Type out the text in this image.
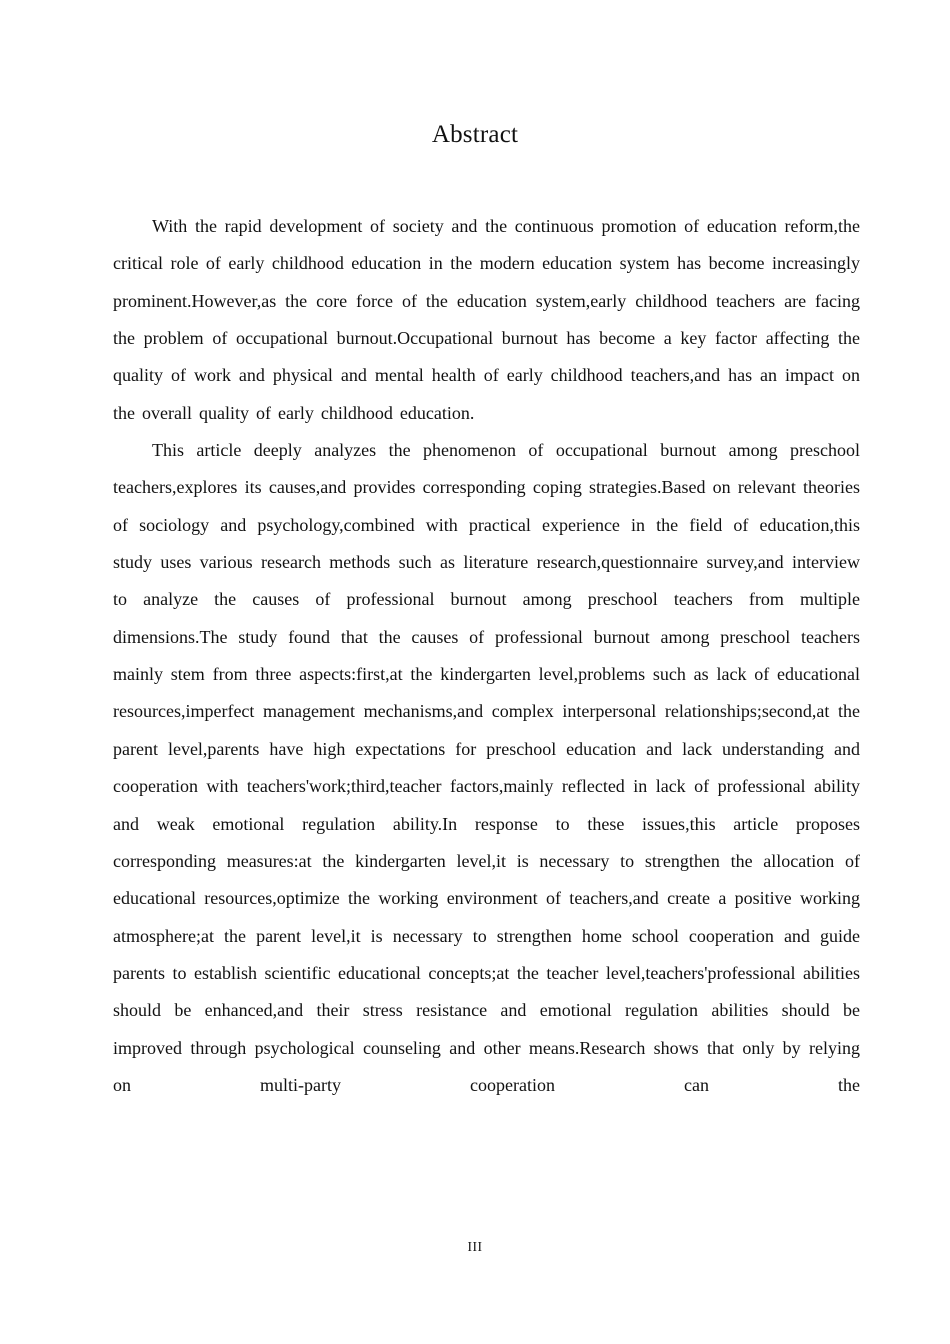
Abstract

With the rapid development of society and the continuous promotion of education reform,the critical role of early childhood education in the modern education system has become increasingly prominent.However,as the core force of the education system,early childhood teachers are facing the problem of occupational burnout.Occupational burnout has become a key factor affecting the quality of work and physical and mental health of early childhood teachers,and has an impact on the overall quality of early childhood education.

This article deeply analyzes the phenomenon of occupational burnout among preschool teachers,explores its causes,and provides corresponding coping strategies.Based on relevant theories of sociology and psychology,combined with practical experience in the field of education,this study uses various research methods such as literature research,questionnaire survey,and interview to analyze the causes of professional burnout among preschool teachers from multiple dimensions.The study found that the causes of professional burnout among preschool teachers mainly stem from three aspects:first,at the kindergarten level,problems such as lack of educational resources,imperfect management mechanisms,and complex interpersonal relationships;second,at the parent level,parents have high expectations for preschool education and lack understanding and cooperation with teachers'work;third,teacher factors,mainly reflected in lack of professional ability and weak emotional regulation ability.In response to these issues,this article proposes corresponding measures:at the kindergarten level,it is necessary to strengthen the allocation of educational resources,optimize the working environment of teachers,and create a positive working atmosphere;at the parent level,it is necessary to strengthen home school cooperation and guide parents to establish scientific educational concepts;at the teacher level,teachers'professional abilities should be enhanced,and their stress resistance and emotional regulation abilities should be improved through psychological counseling and other means.Research shows that only by relying on multi-party cooperation can the

III
